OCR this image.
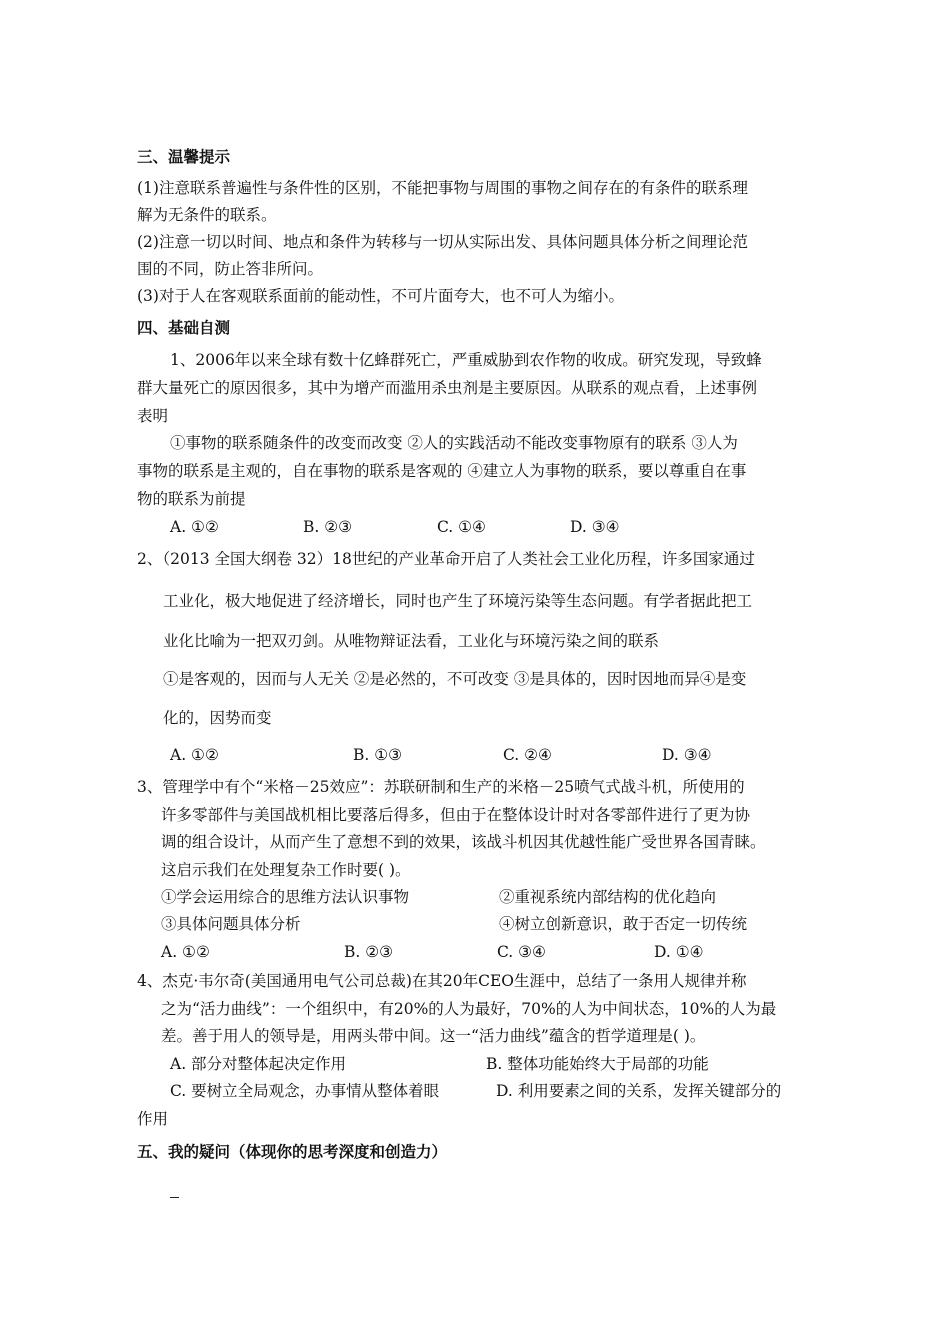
三、温馨提示
(1)注意联系普遍性与条件性的区别，不能把事物与周围的事物之间存在的有条件的联系理
解为无条件的联系。
(2)注意一切以时间、地点和条件为转移与一切从实际出发、具体问题具体分析之间理论范
围的不同，防止答非所问。
(3)对于人在客观联系面前的能动性，不可片面夸大，也不可人为缩小。
四、基础自测
1、2006年以来全球有数十亿蜂群死亡，严重威胁到农作物的收成。研究发现，导致蜂
群大量死亡的原因很多，其中为增产而滥用杀虫剂是主要原因。从联系的观点看，上述事例
表明
①事物的联系随条件的改变而改变 ②人的实践活动不能改变事物原有的联系 ③人为
事物的联系是主观的，自在事物的联系是客观的 ④建立人为事物的联系，要以尊重自在事
物的联系为前提
A. ①②	B. ②③	C. ①④	D. ③④
2、（2013 全国大纲卷 32）18世纪的产业革命开启了人类社会工业化历程，许多国家通过
工业化，极大地促进了经济增长，同时也产生了环境污染等生态问题。有学者据此把工
业化比喻为一把双刃剑。从唯物辩证法看，工业化与环境污染之间的联系
①是客观的，因而与人无关 ②是必然的，不可改变 ③是具体的，因时因地而异④是变
化的，因势而变
A. ①②	B. ①③	C. ②④	D. ③④
3、管理学中有个“米格－25效应”：苏联研制和生产的米格－25喷气式战斗机，所使用的
许多零部件与美国战机相比要落后得多，但由于在整体设计时对各零部件进行了更为协
调的组合设计，从而产生了意想不到的效果，该战斗机因其优越性能广受世界各国青睐。
这启示我们在处理复杂工作时要( )。
①学会运用综合的思维方法认识事物	②重视系统内部结构的优化趋向
③具体问题具体分析	④树立创新意识，敢于否定一切传统
A. ①②	B. ②③	C. ③④	D. ①④
4、杰克·韦尔奇(美国通用电气公司总裁)在其20年CEO生涯中，总结了一条用人规律并称
之为“活力曲线”：一个组织中，有20%的人为最好，70%的人为中间状态，10%的人为最
差。善于用人的领导是，用两头带中间。这一“活力曲线”蕴含的哲学道理是( )。
A. 部分对整体起决定作用	B. 整体功能始终大于局部的功能
C. 要树立全局观念，办事情从整体着眼	D. 利用要素之间的关系，发挥关键部分的
作用
五、我的疑问（体现你的思考深度和创造力）
